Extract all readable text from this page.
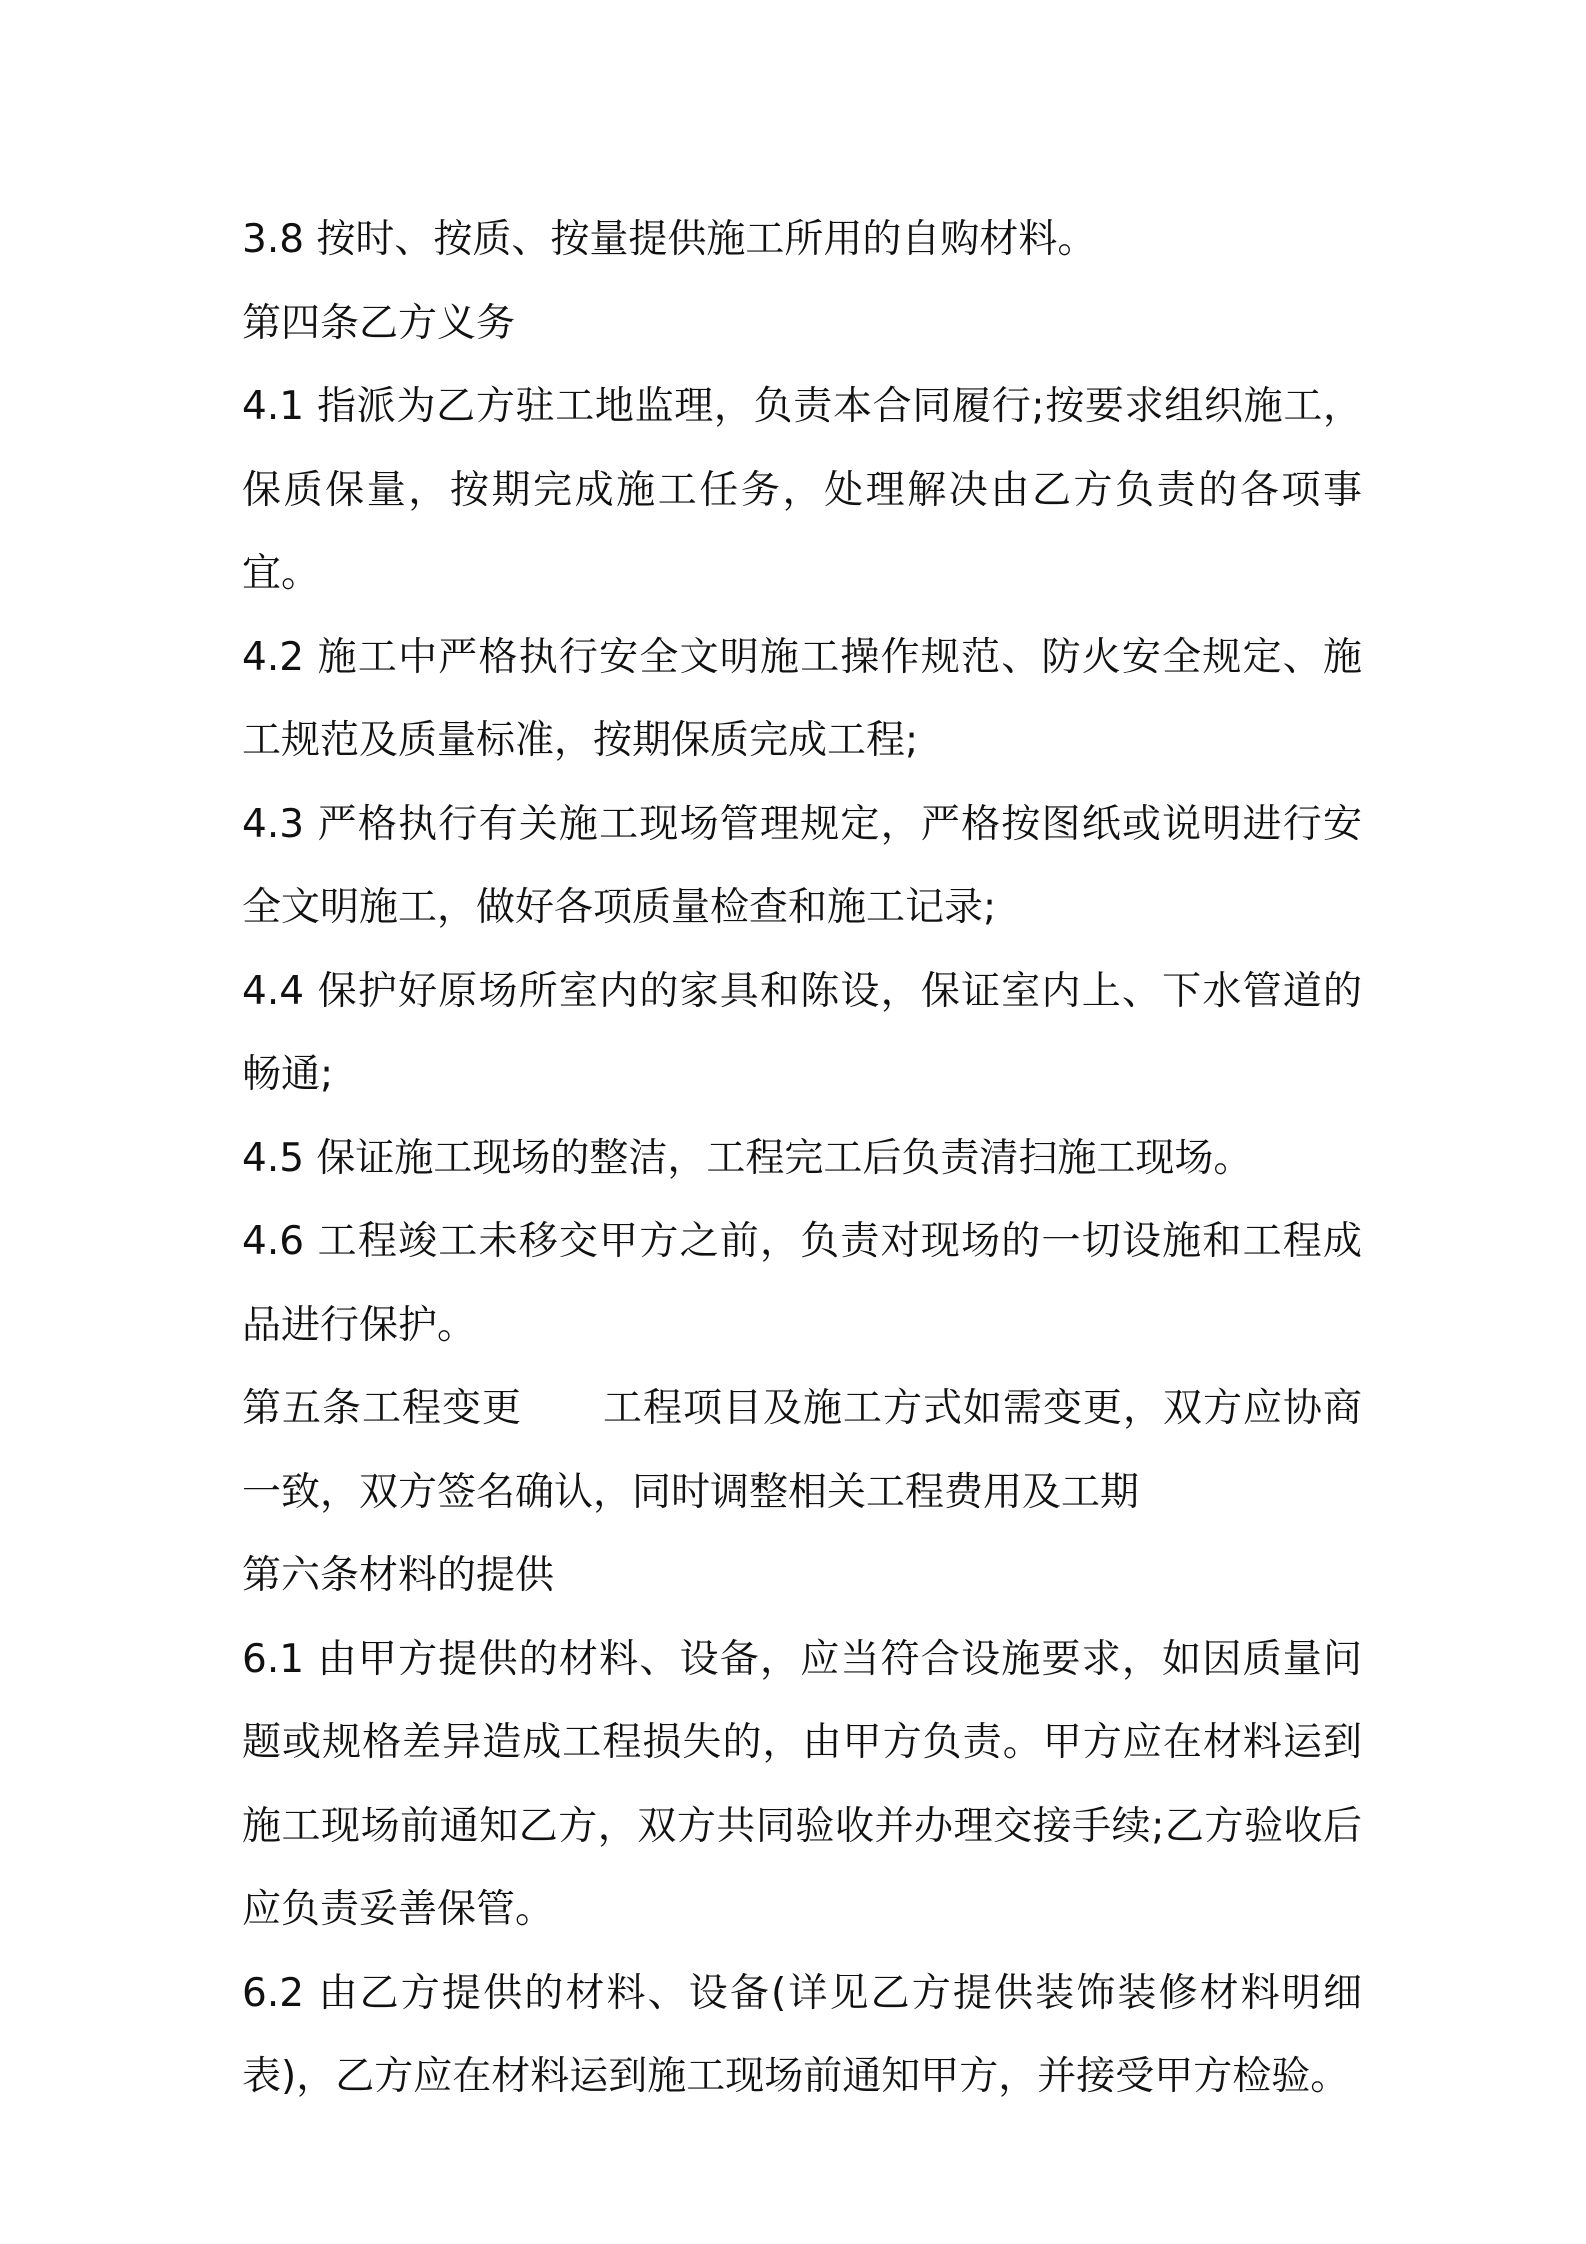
3.8 按时、按质、按量提供施工所用的自购材料。

第四条乙方义务

4.1 指派为乙方驻工地监理，负责本合同履行;按要求组织施工，保质保量，按期完成施工任务，处理解决由乙方负责的各项事宜。

4.2 施工中严格执行安全文明施工操作规范、防火安全规定、施工规范及质量标准，按期保质完成工程;

4.3 严格执行有关施工现场管理规定，严格按图纸或说明进行安全文明施工，做好各项质量检查和施工记录;

4.4 保护好原场所室内的家具和陈设，保证室内上、下水管道的畅通;

4.5 保证施工现场的整洁，工程完工后负责清扫施工现场。

4.6 工程竣工未移交甲方之前，负责对现场的一切设施和工程成品进行保护。

第五条工程变更 工程项目及施工方式如需变更，双方应协商一致，双方签名确认，同时调整相关工程费用及工期

第六条材料的提供

6.1 由甲方提供的材料、设备，应当符合设施要求，如因质量问题或规格差异造成工程损失的，由甲方负责。甲方应在材料运到施工现场前通知乙方，双方共同验收并办理交接手续;乙方验收后应负责妥善保管。

6.2 由乙方提供的材料、设备(详见乙方提供装饰装修材料明细表)，乙方应在材料运到施工现场前通知甲方，并接受甲方检验。
